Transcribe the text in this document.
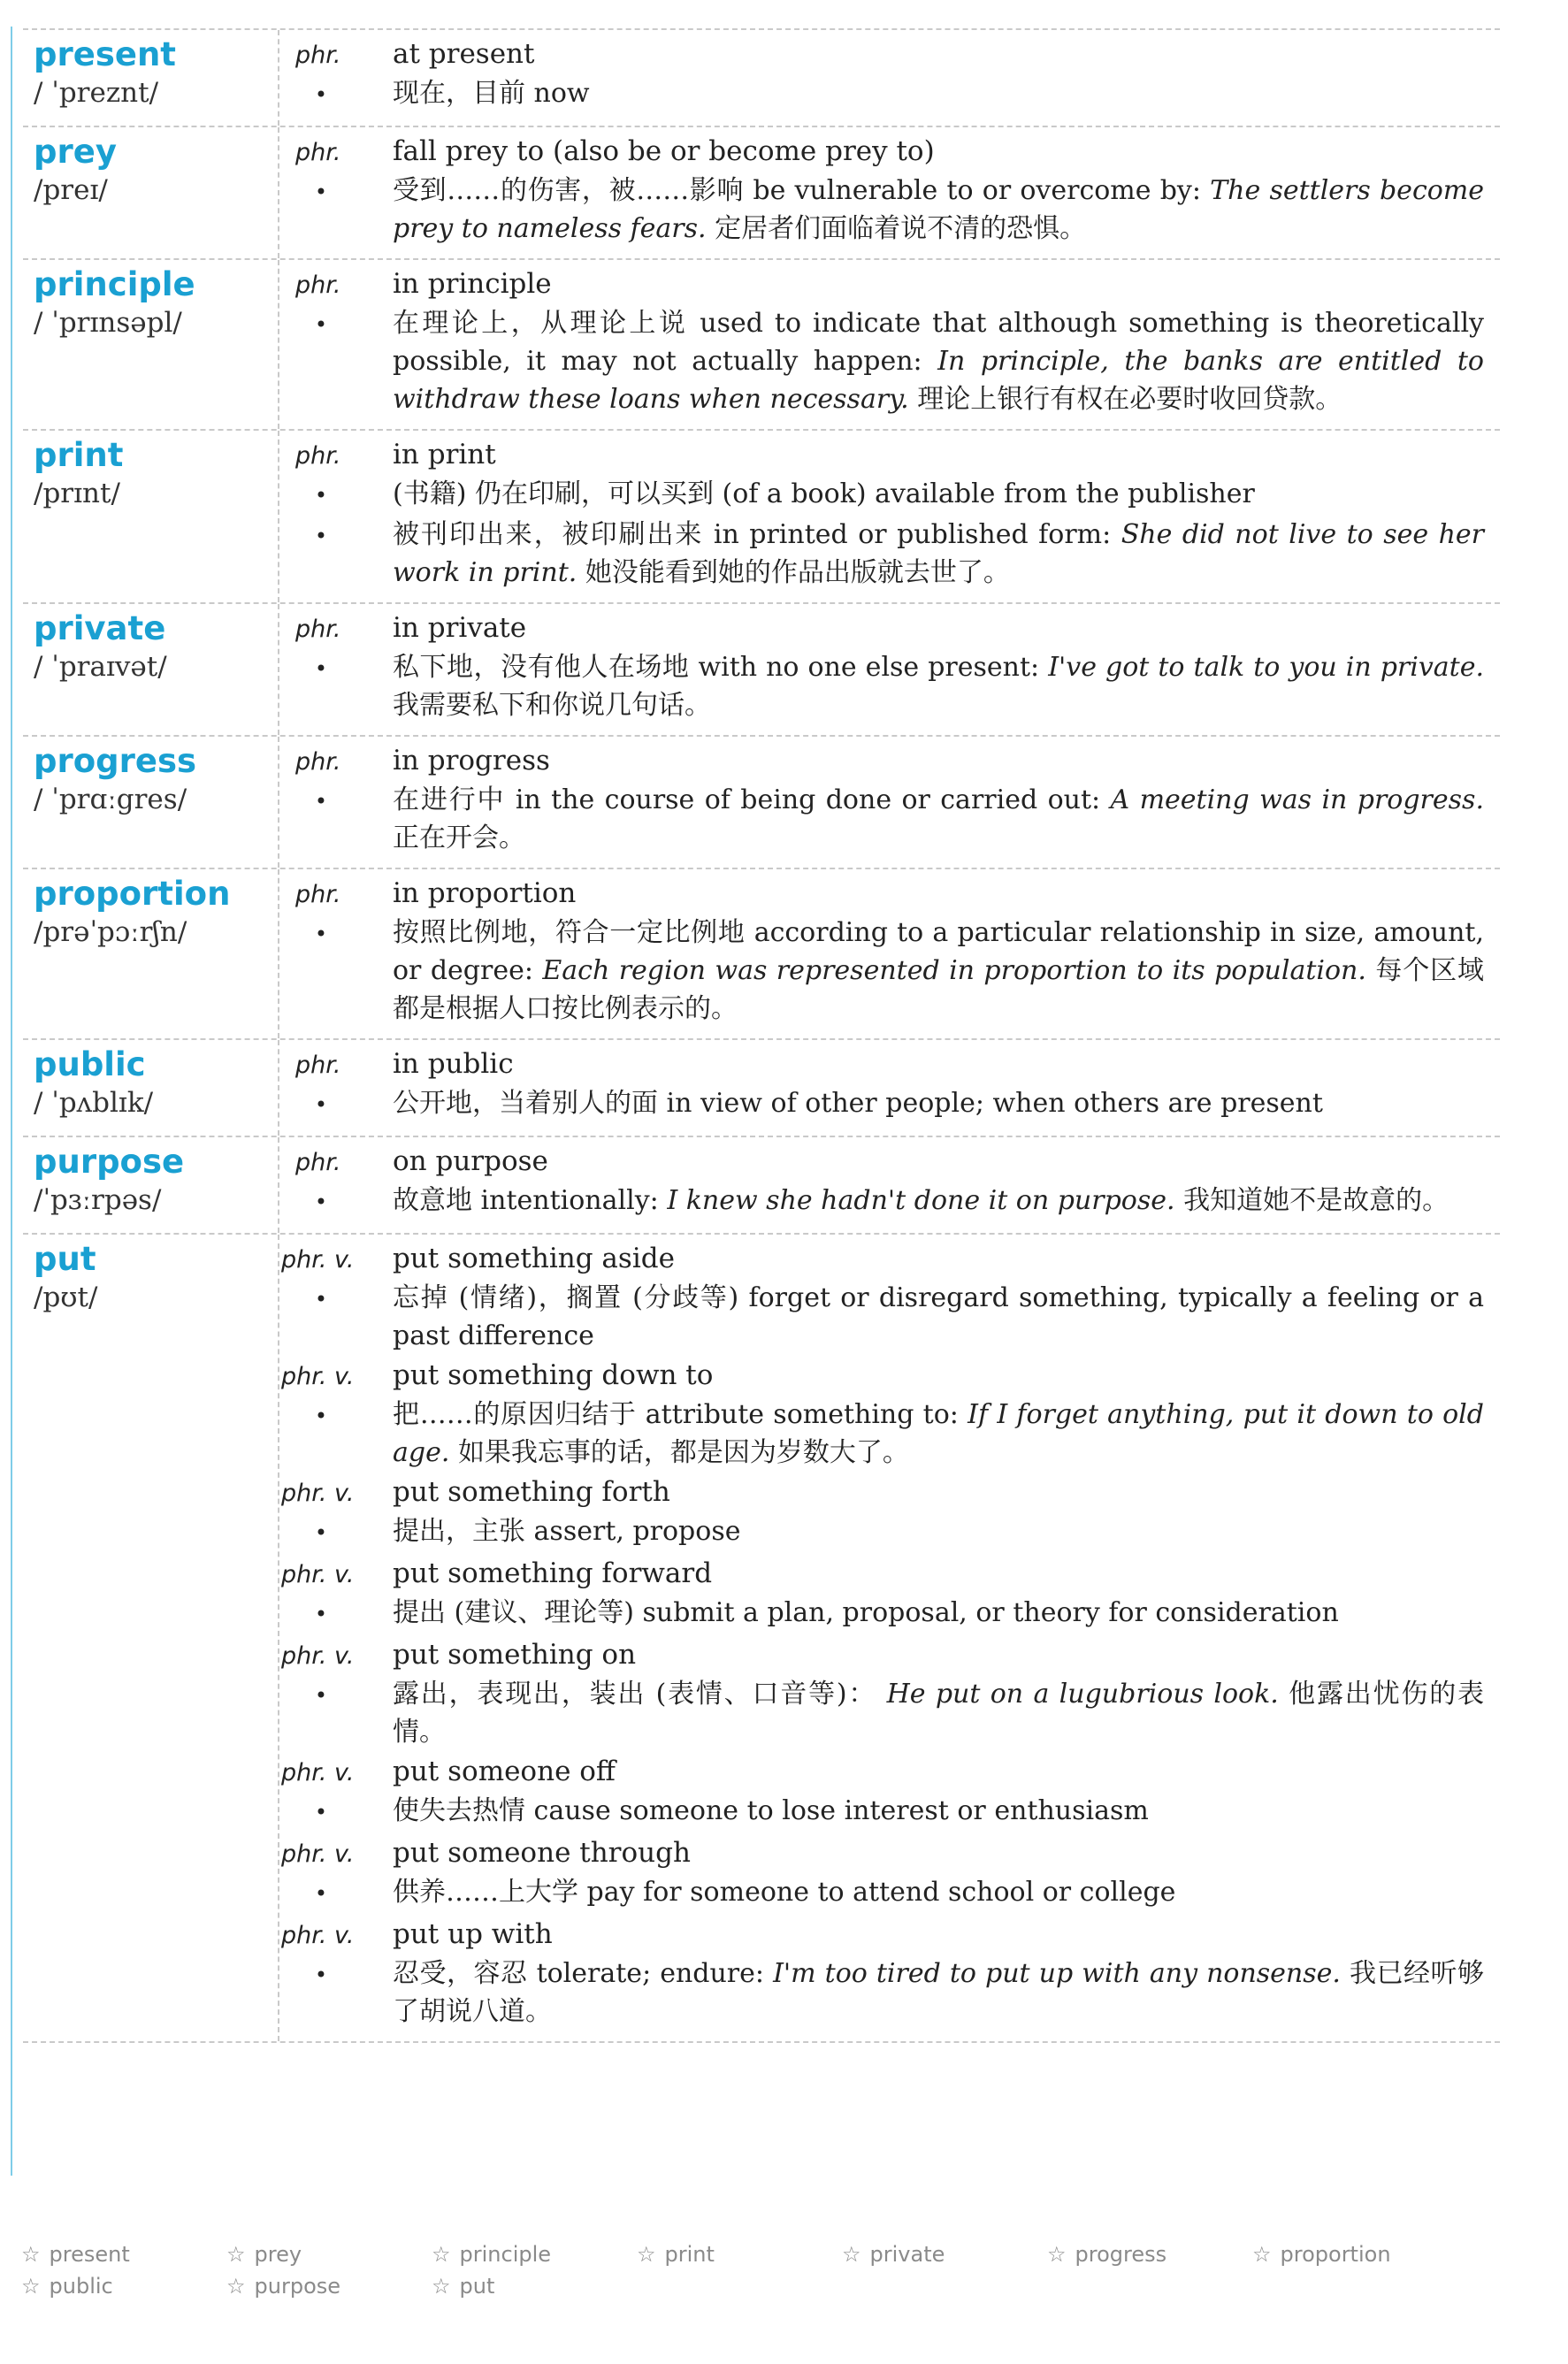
present
/ ˈpreznt/
phr.	at present
•	现在，目前 now
prey
/preɪ/
phr.	fall prey to (also be or become prey to)
•	受到……的伤害，被……影响 be vulnerable to or overcome by: The settlers become prey to nameless fears. 定居者们面临着说不清的恐惧。
principle
/ ˈprɪnsəpl/
phr.	in principle
•	在理论上，从理论上说 used to indicate that although something is theoretically possible, it may not actually happen: In principle, the banks are entitled to withdraw these loans when necessary. 理论上银行有权在必要时收回贷款。
print
/prɪnt/
phr.	in print
•	(书籍) 仍在印刷，可以买到 (of a book) available from the publisher
•	被刊印出来，被印刷出来 in printed or published form: She did not live to see her work in print. 她没能看到她的作品出版就去世了。
private
/ ˈpraɪvət/
phr.	in private
•	私下地，没有他人在场地 with no one else present: I've got to talk to you in private. 我需要私下和你说几句话。
progress
/ ˈprɑːgres/
phr.	in progress
•	在进行中 in the course of being done or carried out: A meeting was in progress. 正在开会。
proportion
/prəˈpɔːrʃn/
phr.	in proportion
•	按照比例地，符合一定比例地 according to a particular relationship in size, amount, or degree: Each region was represented in proportion to its population. 每个区域都是根据人口按比例表示的。
public
/ ˈpʌblɪk/
phr.	in public
•	公开地，当着别人的面 in view of other people; when others are present
purpose
/ˈpɜːrpəs/
phr.	on purpose
•	故意地 intentionally: I knew she hadn't done it on purpose. 我知道她不是故意的。
put
/pʊt/
phr. v.	put something aside
•	忘掉 (情绪)，搁置 (分歧等) forget or disregard something, typically a feeling or a past difference
phr. v.	put something down to
•	把……的原因归结于 attribute something to: If I forget anything, put it down to old age. 如果我忘事的话，都是因为岁数大了。
phr. v.	put something forth
•	提出，主张 assert, propose
phr. v.	put something forward
•	提出 (建议、理论等) submit a plan, proposal, or theory for consideration
phr. v.	put something on
•	露出，表现出，装出 (表情、口音等)： He put on a lugubrious look. 他露出忧伤的表情。
phr. v.	put someone off
•	使失去热情 cause someone to lose interest or enthusiasm
phr. v.	put someone through
•	供养……上大学 pay for someone to attend school or college
phr. v.	put up with
•	忍受，容忍 tolerate; endure: I'm too tired to put up with any nonsense. 我已经听够了胡说八道。
☆ present	☆ prey	☆ principle	☆ print	☆ private	☆ progress	☆ proportion
☆ public	☆ purpose	☆ put
